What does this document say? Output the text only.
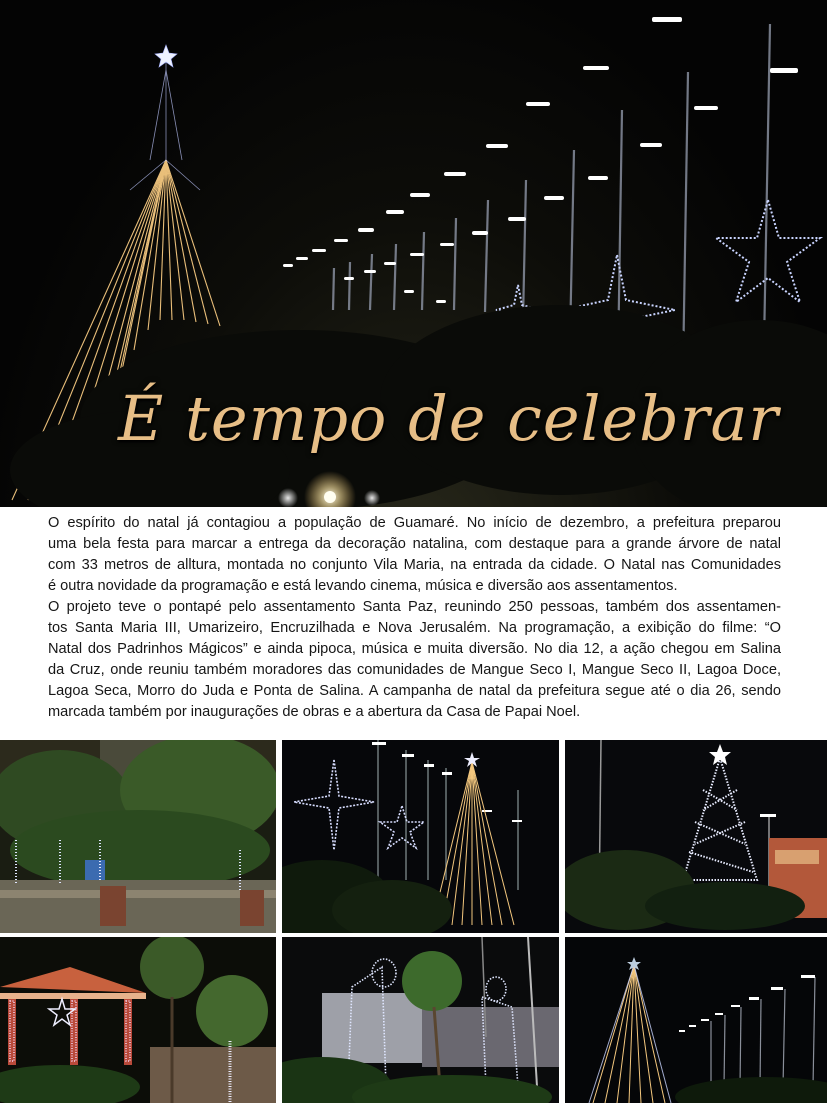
É tempo de celebrar

O espírito do natal já contagiou a população de Guamaré. No início de dezembro, a prefeitura preparou

uma bela festa para marcar a entrega da decoração natalina, com destaque para a grande árvore de natal

com 33 metros de alltura, montada no conjunto Vila Maria, na entrada da cidade. O Natal nas Comunidades

é outra novidade da programação e está levando cinema, música e diversão aos assentamentos.

O projeto teve o pontapé pelo assentamento Santa Paz, reunindo 250 pessoas, também dos assentamen-

tos Santa Maria III, Umarizeiro, Encruzilhada e Nova Jerusalém. Na programação, a exibição do filme: “O

Natal dos Padrinhos Mágicos” e ainda pipoca, música e muita diversão. No dia 12, a ação chegou em Salina

da Cruz, onde reuniu também moradores das comunidades de Mangue Seco I, Mangue Seco II, Lagoa Doce,

Lagoa Seca, Morro do Juda e Ponta de Salina. A campanha de natal da prefeitura segue até o dia 26, sendo

marcada também por inaugurações de obras e a abertura da Casa de Papai Noel.
